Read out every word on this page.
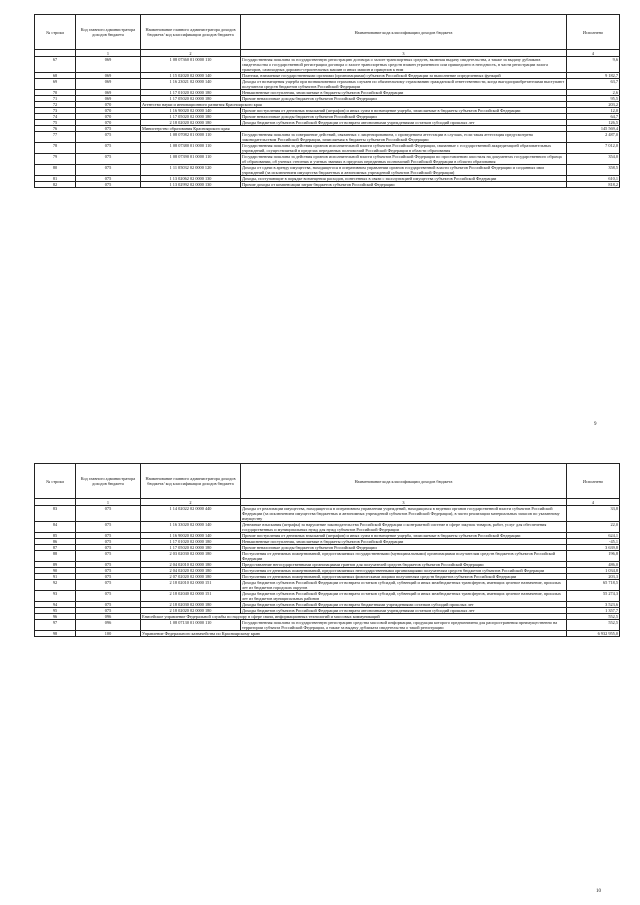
№ строки	Код главного администратора доходов бюджета	Наименование главного администратора доходов бюджета/ код классификации доходов бюджета	Наименование кода классификации доходов бюджета	Исполнено
	1	2	3	4
67	069	1 08 07360 01 0000 110	Государственная пошлина за государственную регистрацию договора о залоге транспортных средств, включая выдачу свидетельства, а также за выдачу дубликата свидетельства о государственной регистрации договора о залоге транспортных средств взамен утраченного или пришедшего в негодность, в части регистрации залога тракторов, самоходных дорожно-строительных машин и иных машин и прицепов к ним	9,6
68	069	1 15 02020 02 0000 140	Платежи, взимаемые государственными органами (организациями) субъектов Российской Федерации за выполнение определенных функций	9 182,7
69	069	1 16 23021 02 0000 140	Доходы от возмещения ущерба при возникновении страховых случаев по обязательному страхованию гражданской ответственности, когда выгодоприобретателями выступают получатели средств бюджетов субъектов Российской Федерации	63,7
70	069	1 17 01020 02 0000 180	Невыясненные поступления, зачисляемые в бюджеты субъектов Российской Федерации	2,6
71	069	1 17 05020 02 0000 180	Прочие неналоговые доходы бюджетов субъектов Российской Федерации	95,5
72	070	Агентство науки и инновационного развития Красноярского края		203,2
73	070	1 16 90020 02 0000 140	Прочие поступления от денежных взысканий (штрафов) и иных сумм в возмещение ущерба, зачисляемые в бюджеты субъектов Российской Федерации	12,0
74	070	1 17 05020 02 0000 180	Прочие неналоговые доходы бюджетов субъектов Российской Федерации	64,7
75	070	2 18 02020 02 0000 180	Доходы бюджетов субъектов Российской Федерации от возврата автономными учреждениями остатков субсидий прошлых лет	126,5
76	075	Министерство образования Красноярского края		145 569,4
77	075	1 08 07082 01 0000 110	Государственная пошлина за совершение действий, связанных с лицензированием, с проведением аттестации в случаях, если такая аттестация предусмотрена законодательством Российской Федерации, зачисляемая в бюджеты субъектов Российской Федерации	2 487,0
78	075	1 08 07380 01 0000 110	Государственная пошлина за действия органов исполнительной власти субъектов Российской Федерации, связанные с государственной аккредитацией образовательных учреждений, осуществляемой в пределах переданных полномочий Российской Федерации в области образования	7 012,0
79	075	1 08 07390 01 0000 110	Государственная пошлина за действия органов исполнительной власти субъектов Российской Федерации по проставлению апостиля на документах государственного образца об образовании, об ученых степенях и ученых званиях в пределах переданных полномочий Российской Федерации в области образования	354,0
80	075	1 11 05032 02 0000 120	Доходы от сдачи в аренду имущества, находящегося в оперативном управлении органов государственной власти субъектов Российской Федерации и созданных ими учреждений (за исключением имущества бюджетных и автономных учреждений субъектов Российской Федерации)	358,5
81	075	1 13 02062 02 0000 130	Доходы, поступающие в порядке возмещения расходов, понесенных в связи с эксплуатацией имущества субъектов Российской Федерации	610,1
82	075	1 13 02992 02 0000 130	Прочие доходы от компенсации затрат бюджетов субъектов Российской Федерации	818,2
9
№ строки	Код главного администратора доходов бюджета	Наименование главного администратора доходов бюджета/ код классификации доходов бюджета	Наименование кода классификации доходов бюджета	Исполнено
	1	2	3	4
83	075	1 14 02022 02 0000 440	Доходы от реализации имущества, находящегося в оперативном управлении учреждений, находящихся в ведении органов государственной власти субъектов Российской Федерации (за исключением имущества бюджетных и автономных учреждений субъектов Российской Федерации), в части реализации материальных запасов по указанному имуществу	33,8
84	075	1 16 33020 02 0000 140	Денежные взыскания (штрафы) за нарушение законодательства Российской Федерации о контрактной системе в сфере закупок товаров, работ, услуг для обеспечения государственных и муниципальных нужд для нужд субъектов Российской Федерации	22,0
85	075	1 16 90020 02 0000 140	Прочие поступления от денежных взысканий (штрафов) и иных сумм в возмещение ущерба, зачисляемые в бюджеты субъектов Российской Федерации	624,1
86	075	1 17 01020 02 0000 180	Невыясненные поступления, зачисляемые в бюджеты субъектов Российской Федерации	-45,1
87	075	1 17 05020 02 0000 180	Прочие неналоговые доходы бюджетов субъектов Российской Федерации	3 639,8
88	075	2 03 02030 02 0000 180	Поступления от денежных пожертвований, предоставляемых государственными (муниципальными) организациями получателям средств бюджетов субъектов Российской Федерации	196,8
89	075	2 04 02010 02 0000 180	Предоставление негосударственными организациями грантов для получателей средств бюджетов субъектов Российской Федерации	486,0
90	075	2 04 02020 02 0000 180	Поступления от денежных пожертвований, предоставляемых негосударственными организациями получателям средств бюджетов субъектов Российской Федерации	1 034,8
91	075	2 07 02020 02 0000 180	Поступления от денежных пожертвований, предоставляемых физическими лицами получателям средств бюджетов субъектов Российской Федерации	203,3
92	075	2 18 02010 02 0000 151	Доходы бюджетов субъектов Российской Федерации от возврата остатков субсидий, субвенций и иных межбюджетных трансфертов, имеющих целевое назначение, прошлых лет из бюджетов городских округов	65 718,5
93	075	2 18 02040 02 0000 151	Доходы бюджетов субъектов Российской Федерации от возврата остатков субсидий, субвенций и иных межбюджетных трансфертов, имеющих целевое назначение, прошлых лет из бюджетов муниципальных районов	55 274,3
94	075	2 18 02030 02 0000 180	Доходы бюджетов субъектов Российской Федерации от возврата бюджетными учреждениями остатков субсидий прошлых лет	3 523,6
95	075	2 18 02020 02 0000 180	Доходы бюджетов субъектов Российской Федерации от возврата автономными учреждениями остатков субсидий прошлых лет	1 357,7
96	096	Енисейское управление Федеральной службы по надзору в сфере связи, информационных технологий и массовых коммуникаций		552,5
97	096	1 08 07130 01 0000 110	Государственная пошлина за государственную регистрацию средства массовой информации, продукция которого предназначена для распространения преимущественно на территории субъекта Российской Федерации, а также за выдачу дубликата свидетельства о такой регистрации	552,5
98	100	Управление Федерального казначейства по Красноярскому краю		6 932 955,0
10
